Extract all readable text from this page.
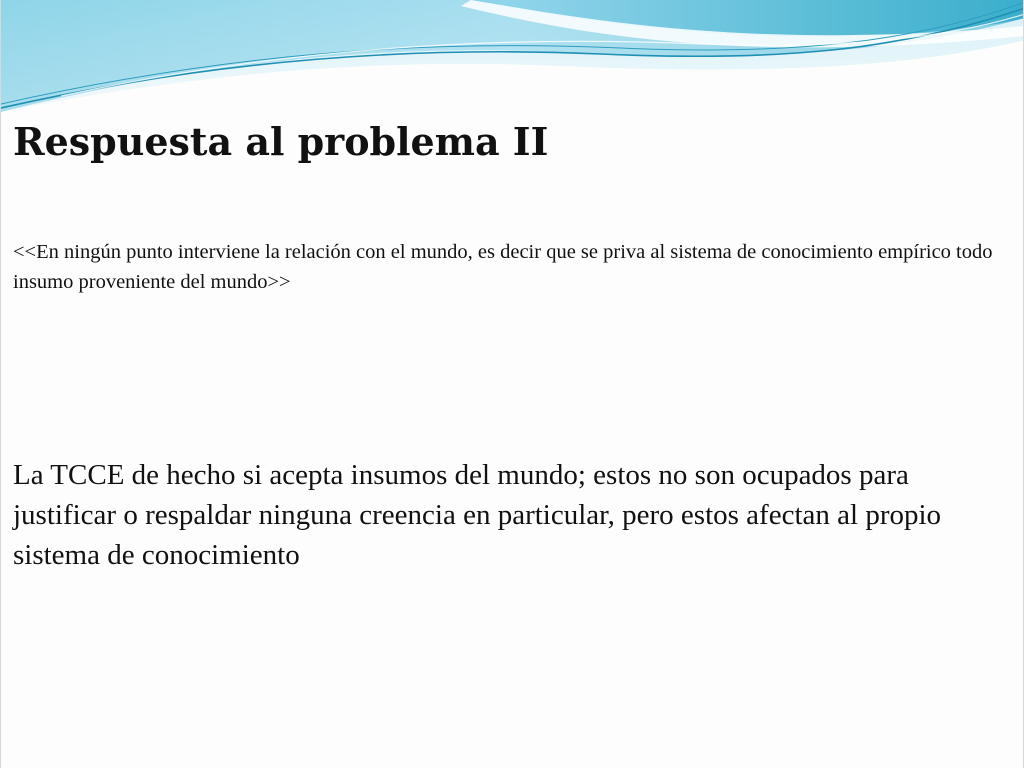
Respuesta al problema II

<<En ningún punto interviene la relación con el mundo, es decir que se priva al sistema de conocimiento empírico todo insumo proveniente del mundo>>

La TCCE de hecho si acepta insumos del mundo; estos no son ocupados para justificar o respaldar ninguna creencia en particular, pero estos afectan al propio sistema de conocimiento
